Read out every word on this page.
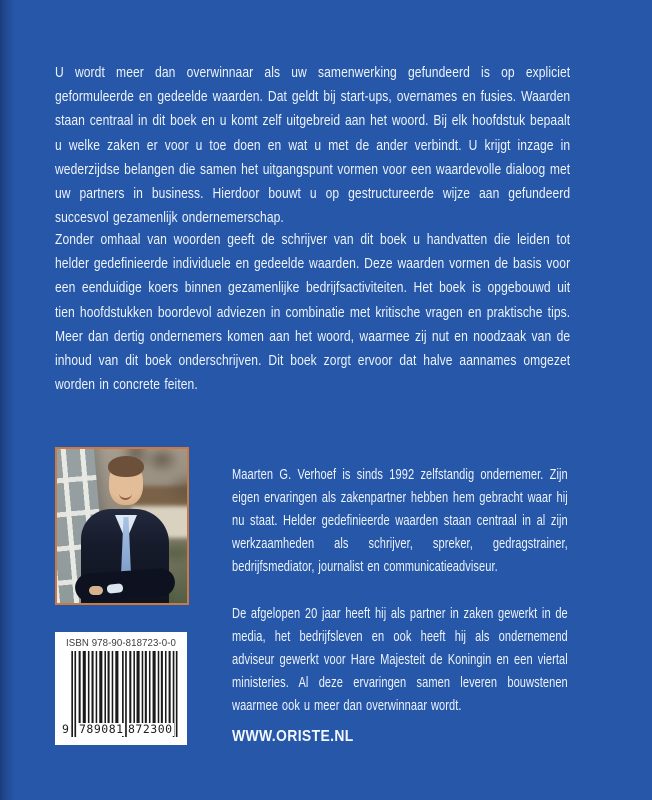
U wordt meer dan overwinnaar als uw samenwerking gefundeerd is op expliciet geformuleerde en gedeelde waarden. Dat geldt bij start-ups, overnames en fusies. Waarden staan centraal in dit boek en u komt zelf uitgebreid aan het woord. Bij elk hoofdstuk bepaalt u welke zaken er voor u toe doen en wat u met de ander verbindt. U krijgt inzage in wederzijdse belangen die samen het uitgangspunt vormen voor een waardevolle dialoog met uw partners in business. Hierdoor bouwt u op gestructureerde wijze aan gefundeerd succesvol gezamenlijk ondernemerschap.

Zonder omhaal van woorden geeft de schrijver van dit boek u handvatten die leiden tot helder gedefinieerde individuele en gedeelde waarden. Deze waarden vormen de basis voor een eenduidige koers binnen gezamenlijke bedrijfsactiviteiten. Het boek is opgebouwd uit tien hoofdstukken boordevol adviezen in combinatie met kritische vragen en praktische tips. Meer dan dertig ondernemers komen aan het woord, waarmee zij nut en noodzaak van de inhoud van dit boek onderschrijven. Dit boek zorgt ervoor dat halve aannames omgezet worden in concrete feiten.

Maarten G. Verhoef is sinds 1992 zelfstandig ondernemer. Zijn eigen ervaringen als zakenpartner hebben hem gebracht waar hij nu staat. Helder gedefinieerde waarden staan centraal in al zijn werkzaamheden als schrijver, spreker, gedragstrainer, bedrijfsmediator, journalist en communicatieadviseur.

De afgelopen 20 jaar heeft hij als partner in zaken gewerkt in de media, het bedrijfsleven en ook heeft hij als ondernemend adviseur gewerkt voor Hare Majesteit de Koningin en een viertal ministeries. Al deze ervaringen samen leveren bouwstenen waarmee ook u meer dan overwinnaar wordt.

WWW.ORISTE.NL
ISBN 978-90-818723-0-0
9 789081 872300
